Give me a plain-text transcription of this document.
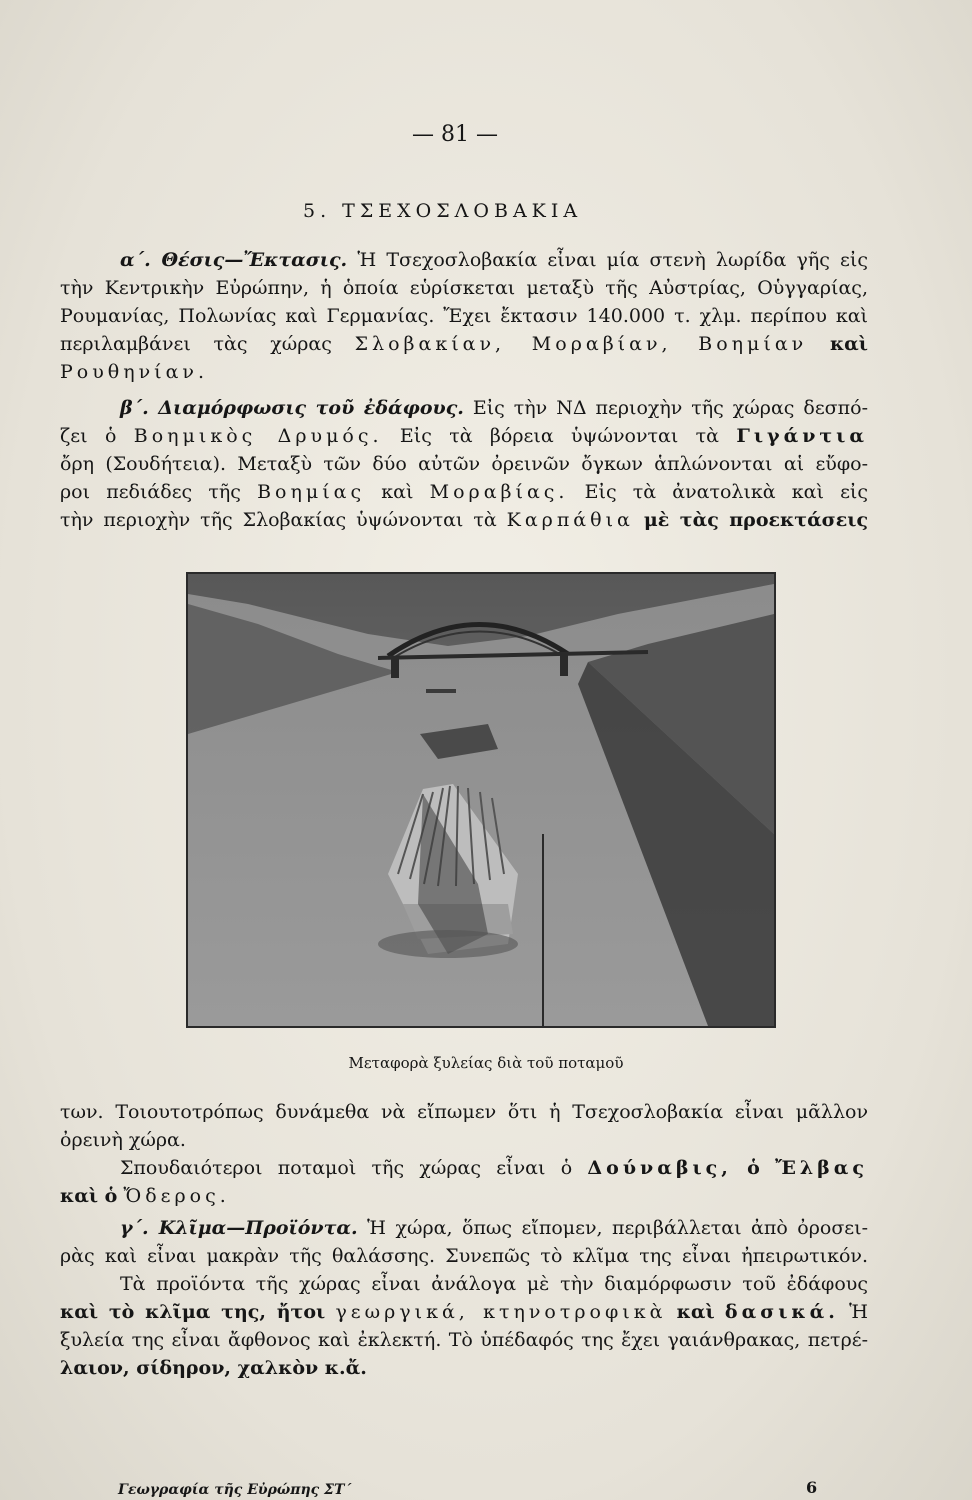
— 81 —
5. ΤΣΕΧΟΣΛΟΒΑΚΙΑ
α΄. Θέσις—Ἔκτασις. Ἡ Τσεχοσλοβακία εἶναι μία στενὴ λωρίδα γῆς εἰς
τὴν Κεντρικὴν Εὐρώπην, ἡ ὁποία εὑρίσκεται μεταξὺ τῆς Αὐστρίας, Οὑγγαρίας,
Ρουμανίας, Πολωνίας καὶ Γερμανίας. Ἔχει ἔκτασιν 140.000 τ. χλμ. περίπου καὶ
περιλαμβάνει τὰς χώρας Σλοβακίαν, Μοραβίαν, Βοημίαν καὶ
Ρουθηνίαν.
β΄. Διαμόρφωσις τοῦ ἐδάφους. Εἰς τὴν ΝΔ περιοχὴν τῆς χώρας δεσπό-
ζει ὁ Βοημικὸς Δρυμός. Εἰς τὰ βόρεια ὑψώνονται τὰ Γιγάντια
ὄρη (Σουδήτεια). Μεταξὺ τῶν δύο αὐτῶν ὀρεινῶν ὄγκων ἁπλώνονται αἱ εὔφο-
ροι πεδιάδες τῆς Βοημίας καὶ Μοραβίας. Εἰς τὰ ἀνατολικὰ καὶ εἰς
τὴν περιοχὴν τῆς Σλοβακίας ὑψώνονται τὰ Καρπάθια μὲ τὰς προεκτάσεις
Μεταφορὰ ξυλείας διὰ τοῦ ποταμοῦ
των. Τοιουτοτρόπως δυνάμεθα νὰ εἴπωμεν ὅτι ἡ Τσεχοσλοβακία εἶναι μᾶλλον
ὀρεινὴ χώρα.
Σπουδαιότεροι ποταμοὶ τῆς χώρας εἶναι ὁ Δούναβις, ὁ Ἔλβας
καὶ ὁ Ὄδερος.
γ΄. Κλῖμα—Προϊόντα. Ἡ χώρα, ὅπως εἴπομεν, περιβάλλεται ἀπὸ ὀροσει-
ρὰς καὶ εἶναι μακρὰν τῆς θαλάσσης. Συνεπῶς τὸ κλῖμα της εἶναι ἠπειρωτικόν.
Τὰ προϊόντα τῆς χώρας εἶναι ἀνάλογα μὲ τὴν διαμόρφωσιν τοῦ ἐδάφους
καὶ τὸ κλῖμα της, ἤτοι γεωργικά, κτηνοτροφικὰ καὶ δασικά. Ἡ
ξυλεία της εἶναι ἄφθονος καὶ ἐκλεκτή. Τὸ ὑπέδαφός της ἔχει γαιάνθρακας, πετρέ-
λαιον, σίδηρον, χαλκὸν κ.ἄ.
Γεωγραφία τῆς Εὐρώπης ΣΤ΄	6
